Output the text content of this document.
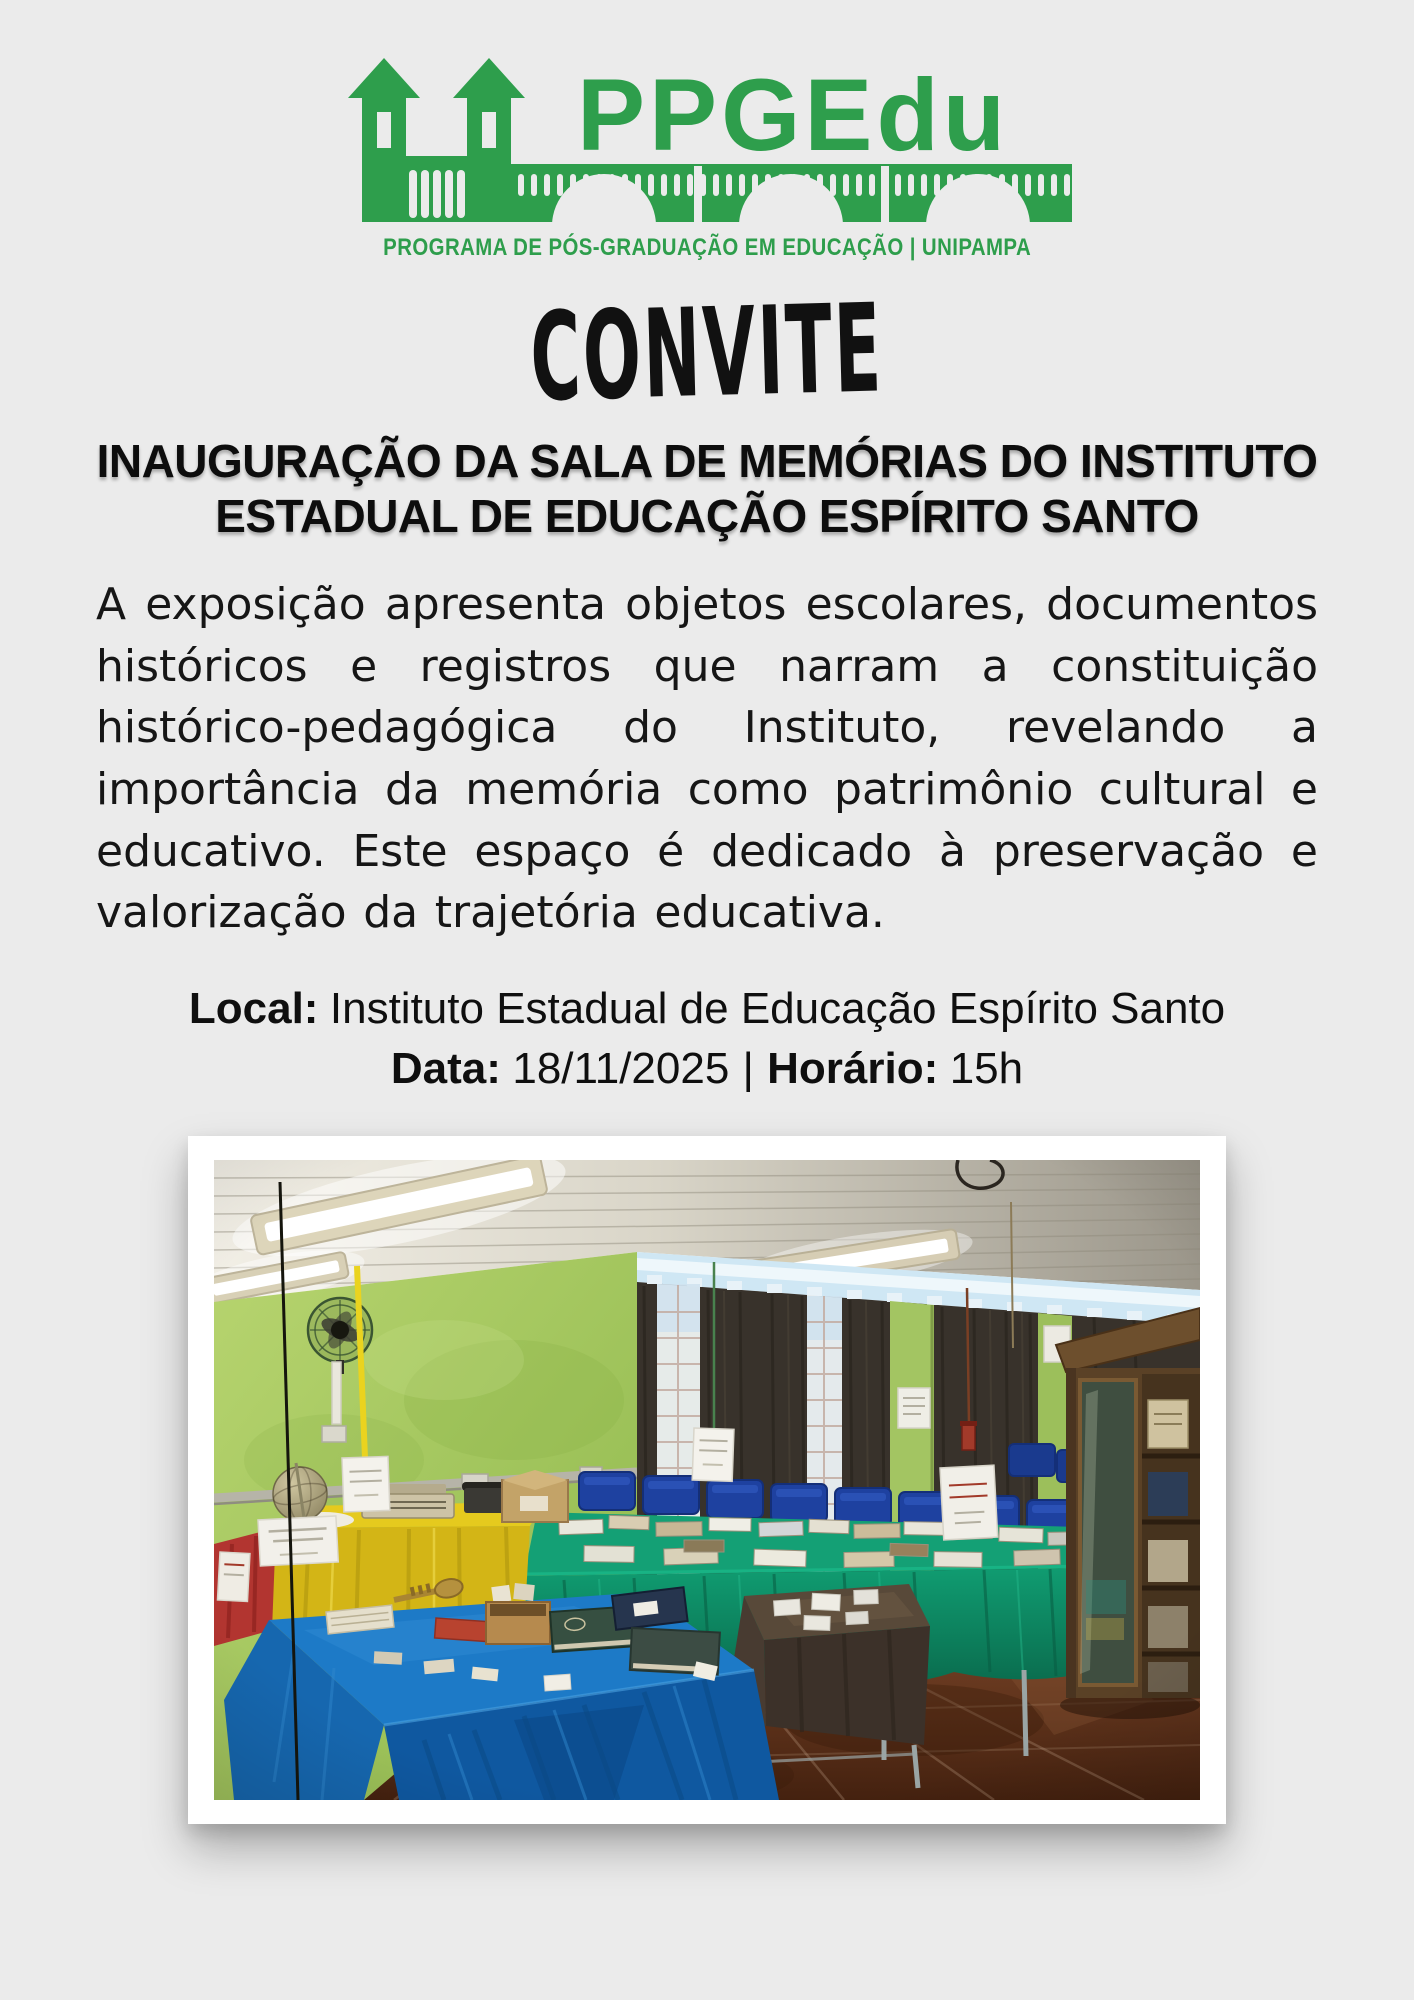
PPGEdu
PROGRAMA DE PÓS-GRADUAÇÃO EM EDUCAÇÃO | UNIPAMPA
CONVITE
INAUGURAÇÃO DA SALA DE MEMÓRIAS DO INSTITUTO
ESTADUAL DE EDUCAÇÃO ESPÍRITO SANTO

A exposição apresenta objetos escolares, documentos históricos e registros que narram a constituição histórico-pedagógica do Instituto, revelando a importância da memória como patrimônio cultural e educativo. Este espaço é dedicado à preservação e valorização da trajetória educativa.

Local: Instituto Estadual de Educação Espírito Santo
Data: 18/11/2025 | Horário: 15h
